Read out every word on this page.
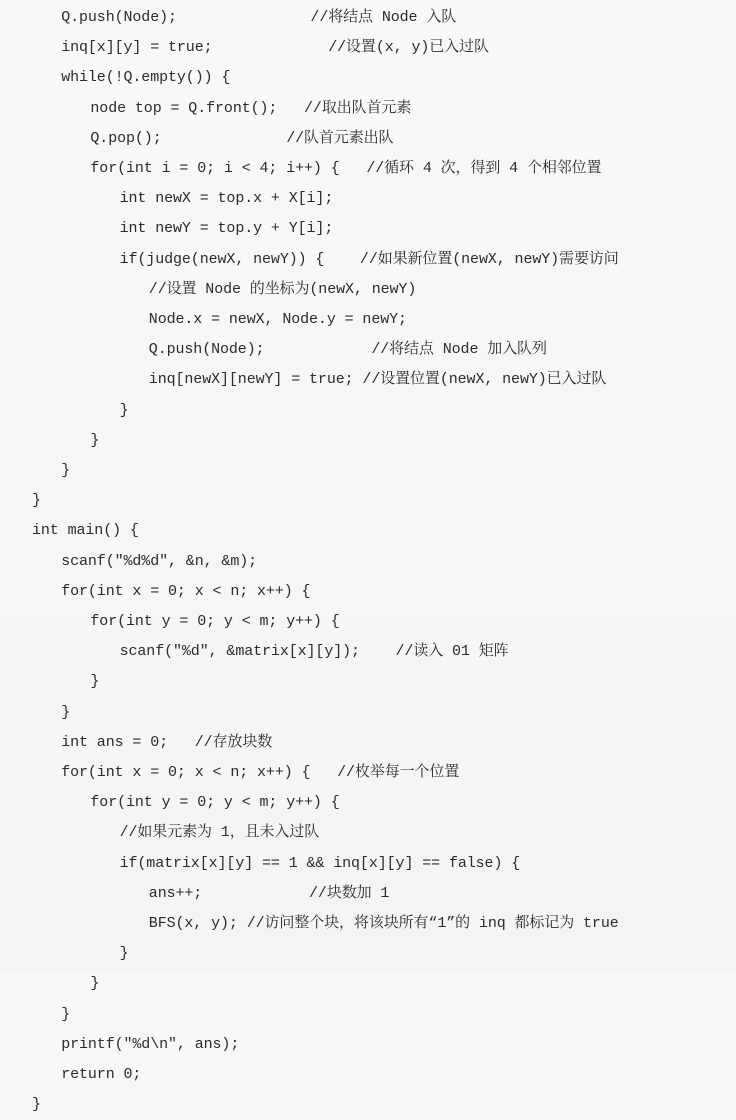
Q.push(Node);               //将结点 Node 入队
inq[x][y] = true;             //设置(x, y)已入过队
while(!Q.empty()) {
node top = Q.front();   //取出队首元素
Q.pop();              //队首元素出队
for(int i = 0; i < 4; i++) {   //循环 4 次，得到 4 个相邻位置
int newX = top.x + X[i];
int newY = top.y + Y[i];
if(judge(newX, newY)) {    //如果新位置(newX, newY)需要访问
//设置 Node 的坐标为(newX, newY)
Node.x = newX, Node.y = newY;
Q.push(Node);            //将结点 Node 加入队列
inq[newX][newY] = true; //设置位置(newX, newY)已入过队
}
}
}
}
int main() {
scanf("%d%d", &n, &m);
for(int x = 0; x < n; x++) {
for(int y = 0; y < m; y++) {
scanf("%d", &matrix[x][y]);    //读入 01 矩阵
}
}
int ans = 0;   //存放块数
for(int x = 0; x < n; x++) {   //枚举每一个位置
for(int y = 0; y < m; y++) {
//如果元素为 1，且未入过队
if(matrix[x][y] == 1 && inq[x][y] == false) {
ans++;            //块数加 1
BFS(x, y); //访问整个块，将该块所有“1”的 inq 都标记为 true
}
}
}
printf("%d\n", ans);
return 0;
}
